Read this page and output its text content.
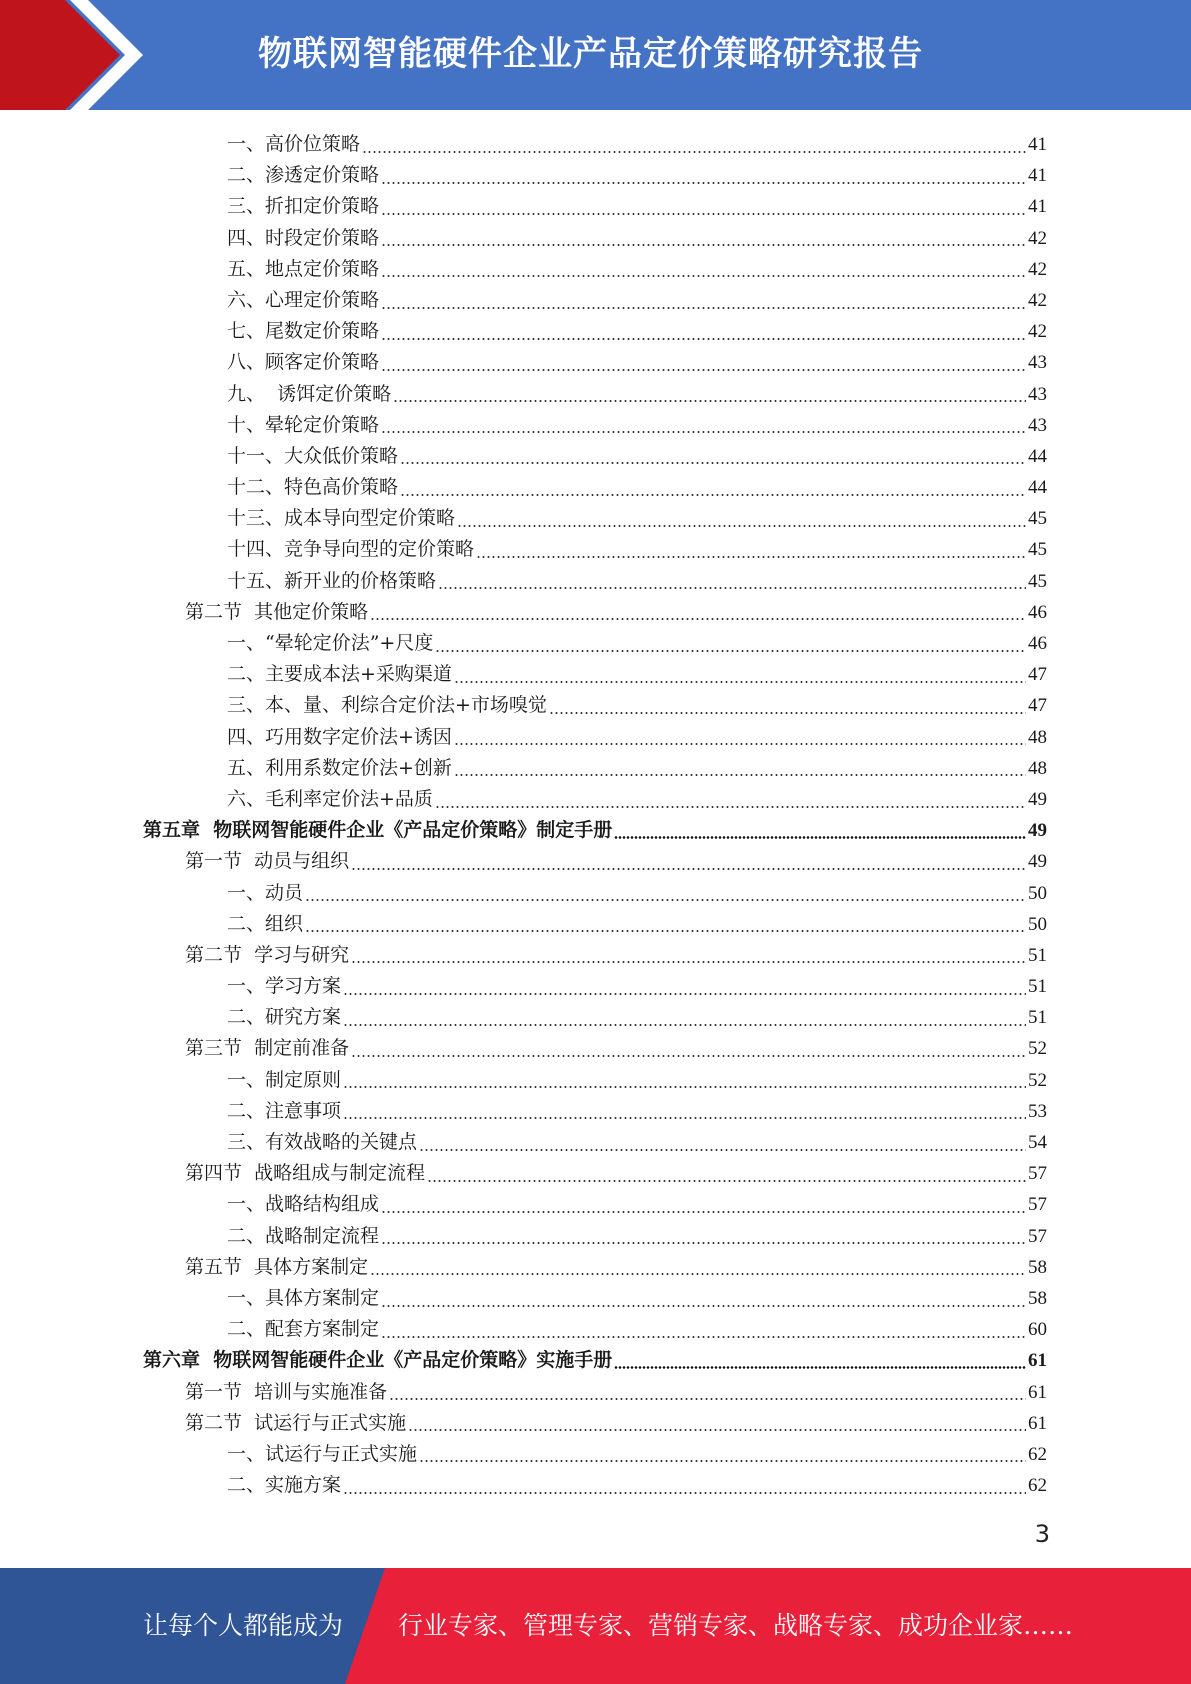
物联网智能硬件企业产品定价策略研究报告
一、高价位策略	41
二、渗透定价策略	41
三、折扣定价策略	41
四、时段定价策略	42
五、地点定价策略	42
六、心理定价策略	42
七、尾数定价策略	42
八、顾客定价策略	43
九、  诱饵定价策略	43
十、晕轮定价策略	43
十一、大众低价策略	44
十二、特色高价策略	44
十三、成本导向型定价策略	45
十四、竞争导向型的定价策略	45
十五、新开业的价格策略	45
第二节  其他定价策略	46
一、“晕轮定价法”+尺度	46
二、主要成本法+采购渠道	47
三、本、量、利综合定价法+市场嗅觉	47
四、巧用数字定价法+诱因	48
五、利用系数定价法+创新	48
六、毛利率定价法+品质	49
第五章  物联网智能硬件企业《产品定价策略》制定手册	49
第一节  动员与组织	49
一、动员	50
二、组织	50
第二节  学习与研究	51
一、学习方案	51
二、研究方案	51
第三节  制定前准备	52
一、制定原则	52
二、注意事项	53
三、有效战略的关键点	54
第四节  战略组成与制定流程	57
一、战略结构组成	57
二、战略制定流程	57
第五节  具体方案制定	58
一、具体方案制定	58
二、配套方案制定	60
第六章  物联网智能硬件企业《产品定价策略》实施手册	61
第一节  培训与实施准备	61
第二节  试运行与正式实施	61
一、试运行与正式实施	62
二、实施方案	62
3
让每个人都能成为 行业专家、管理专家、营销专家、战略专家、成功企业家……
